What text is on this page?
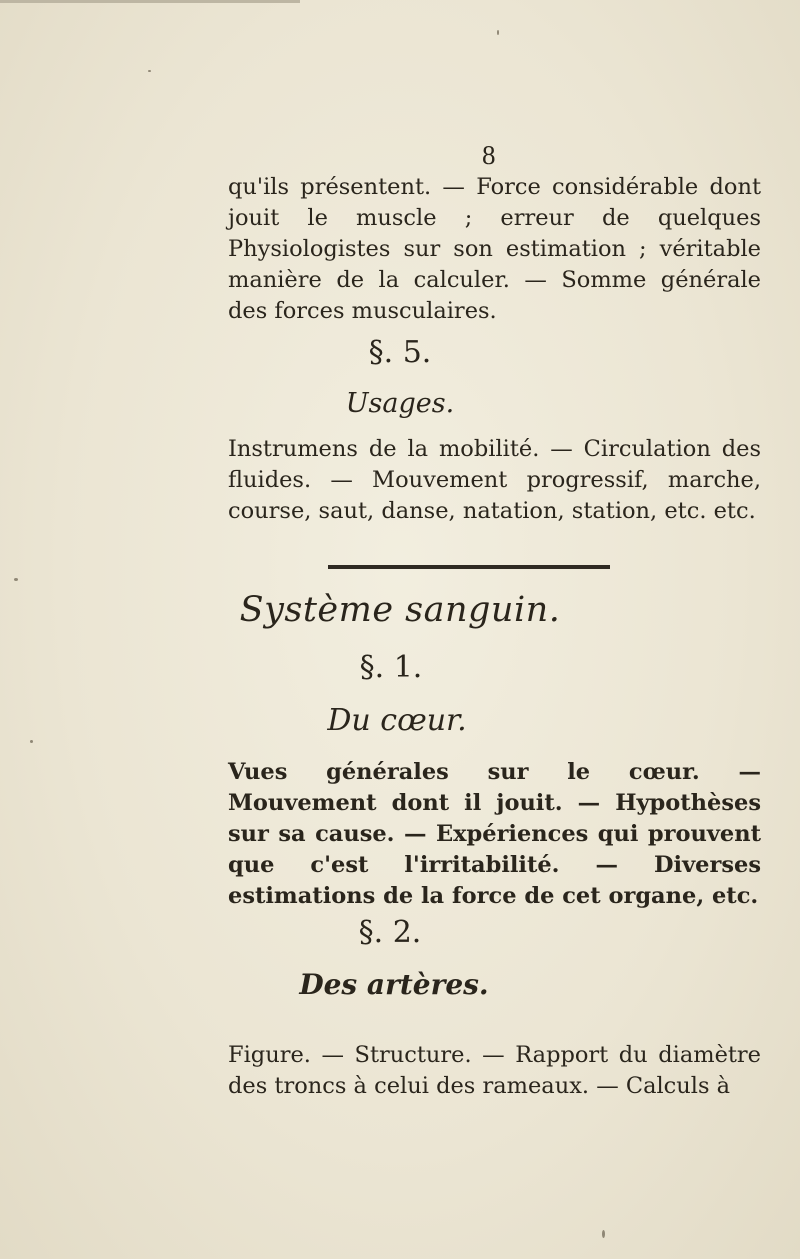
8
qu'ils présentent. — Force considérable dont jouit le muscle ; erreur de quelques Physiologistes sur son estimation ; véritable manière de la calculer. — Somme générale des forces musculaires.
§. 5.
Usages.
Instrumens de la mobilité. — Circulation des fluides. — Mouvement progressif, marche, course, saut, danse, natation, station, etc. etc.
Système sanguin.
§. 1.
Du cœur.
Vues générales sur le cœur. — Mouvement dont il jouit. — Hypothèses sur sa cause. — Expériences qui prouvent que c'est l'irritabilité. — Diverses estimations de la force de cet organe, etc.
§. 2.
Des artères.
Figure. — Structure. — Rapport du diamètre des troncs à celui des rameaux. — Calculs à
